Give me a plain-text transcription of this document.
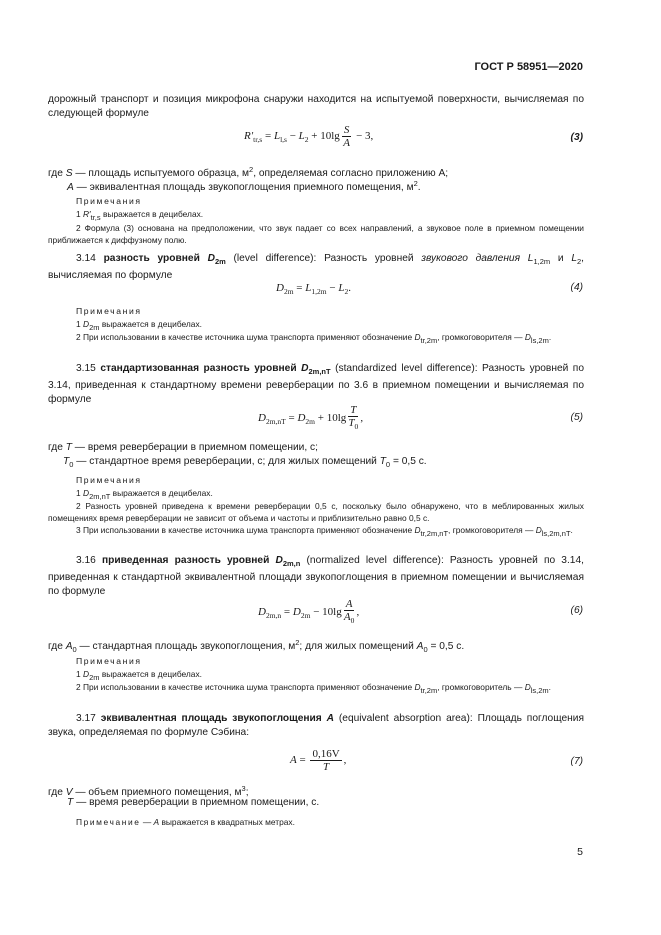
ГОСТ Р 58951—2020
дорожный транспорт и позиция микрофона снаружи находится на испытуемой поверхности, вычисляемая по следующей формуле
$R'_{tr,s} = L_{l,s} - L_2 + 10\lg \frac{S}{A} - 3$,	(3)
где S — площадь испытуемого образца, $м^2$, определяемая согласно приложению А;
A — эквивалентная площадь звукопоглощения приемного помещения, $м^2$.
Примечания
1 R′tr,s выражается в децибелах.
2 Формула (3) основана на предположении, что звук падает со всех направлений, а звуковое поле в приемном помещении приближается к диффузному полю.
3.14 разность уровней $D_{2m}$ (level difference): Разность уровней звукового давления $L_{1,2m}$ и $L_2$, вычисляемая по формуле
$D_{2m} = L_{1,2m} - L_2$.	(4)
Примечания
1 D2m выражается в децибелах.
2 При использовании в качестве источника шума транспорта применяют обозначение Dtr,2m, громкоговорителя — Dls,2m.
3.15 стандартизованная разность уровней $D_{2m,nT}$ (standardized level difference): Разность уровней по 3.14, приведенная к стандартному времени реверберации по 3.6 в приемном помещении и вычисляемая по формуле
$D_{2m,nT} = D_{2m} + 10\lg \frac{T}{T_0}$ ,	(5)
где T — время реверберации в приемном помещении, с;
$T_0$ — стандартное время реверберации, с; для жилых помещений $T_0 = 0,5$ с.
Примечания
1 D2m,nT выражается в децибелах.
2 Разность уровней приведена к времени реверберации 0,5 с, поскольку было обнаружено, что в меблированных жилых помещениях время реверберации не зависит от объема и частоты и приблизительно равно 0,5 с.
3 При использовании в качестве источника шума транспорта применяют обозначение Dtr,2m,nT, громкоговорителя — Dls,2m,nT.
3.16 приведенная разность уровней $D_{2m,n}$ (normalized level difference): Разность уровней по 3.14, приведенная к стандартной эквивалентной площади звукопоглощения в приемном помещении и вычисляемая по формуле
$D_{2m,n} = D_{2m} - 10\lg \frac{A}{A_0}$ ,	(6)
где $A_0$ — стандартная площадь звукопоглощения, $м^2$; для жилых помещений $A_0 = 0,5$ с.
Примечания
1 D2m выражается в децибелах.
2 При использовании в качестве источника шума транспорта применяют обозначение Dtr,2m, громкоговоритель — Dls,2m.
3.17 эквивалентная площадь звукопоглощения A (equivalent absorption area): Площадь поглощения звука, определяемая по формуле Сэбина:
$A = \frac{0,16V}{T}$ ,	(7)
где V — объем приемного помещения, $м^3$;
T — время реверберации в приемном помещении, с.
Примечание — A выражается в квадратных метрах.
5
